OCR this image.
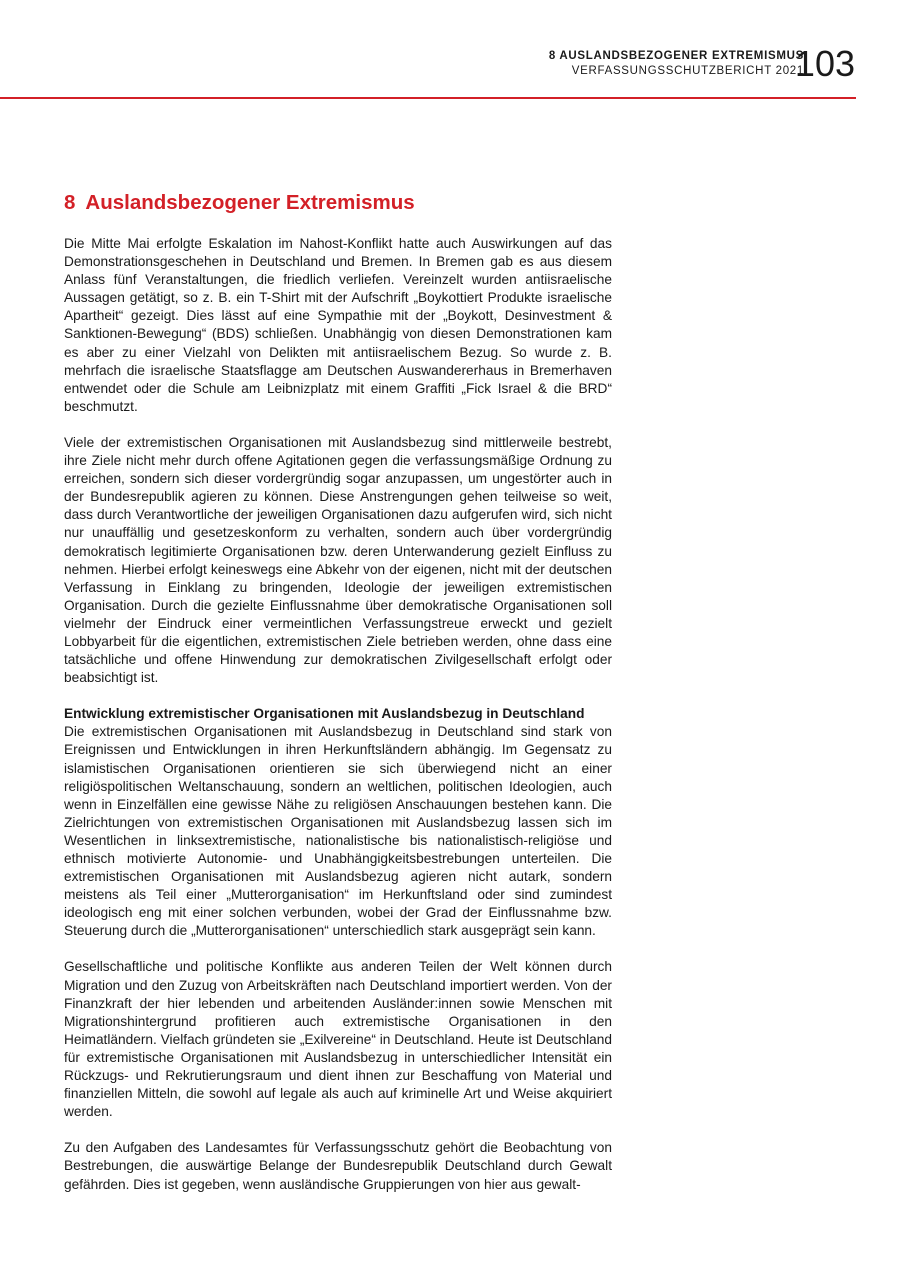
8 AUSLANDSBEZOGENER EXTREMISMUS
VERFASSUNGSSCHUTZBERICHT 2021
103
8 Auslandsbezogener Extremismus

Die Mitte Mai erfolgte Eskalation im Nahost-Konflikt hatte auch Auswirkungen auf das Demonstrationsgeschehen in Deutschland und Bremen. In Bremen gab es aus diesem Anlass fünf Veranstaltungen, die friedlich verliefen. Vereinzelt wurden antiisraelische Aussagen getätigt, so z. B. ein T-Shirt mit der Aufschrift „Boykottiert Produkte israelische Apartheit“ gezeigt. Dies lässt auf eine Sympathie mit der „Boykott, Desinvestment & Sanktionen-Bewegung“ (BDS) schließen. Unabhängig von diesen Demonstrationen kam es aber zu einer Vielzahl von Delikten mit antiisraelischem Bezug. So wurde z. B. mehrfach die israelische Staatsflagge am Deutschen Auswandererhaus in Bremerhaven entwendet oder die Schule am Leibnizplatz mit einem Graffiti „Fick Israel & die BRD“ beschmutzt.

Viele der extremistischen Organisationen mit Auslandsbezug sind mittlerweile bestrebt, ihre Ziele nicht mehr durch offene Agitationen gegen die verfassungsmäßige Ordnung zu erreichen, sondern sich dieser vordergründig sogar anzupassen, um ungestörter auch in der Bundesrepublik agieren zu können. Diese Anstrengungen gehen teilweise so weit, dass durch Verantwortliche der jeweiligen Organisationen dazu aufgerufen wird, sich nicht nur unauffällig und gesetzeskonform zu verhalten, sondern auch über vordergründig demokratisch legitimierte Organisationen bzw. deren Unterwanderung gezielt Einfluss zu nehmen. Hierbei erfolgt keineswegs eine Abkehr von der eigenen, nicht mit der deutschen Verfassung in Einklang zu bringenden, Ideologie der jeweiligen extremistischen Organisation. Durch die gezielte Einflussnahme über demokratische Organisationen soll vielmehr der Eindruck einer vermeintlichen Verfassungstreue erweckt und gezielt Lobbyarbeit für die eigentlichen, extremistischen Ziele betrieben werden, ohne dass eine tatsächliche und offene Hinwendung zur demokratischen Zivilgesellschaft erfolgt oder beabsichtigt ist.

Entwicklung extremistischer Organisationen mit Auslandsbezug in Deutschland

Die extremistischen Organisationen mit Auslandsbezug in Deutschland sind stark von Ereignissen und Entwicklungen in ihren Herkunftsländern abhängig. Im Gegensatz zu islamistischen Organisationen orientieren sie sich überwiegend nicht an einer religiöspolitischen Weltanschauung, sondern an weltlichen, politischen Ideologien, auch wenn in Einzelfällen eine gewisse Nähe zu religiösen Anschauungen bestehen kann. Die Zielrichtungen von extremistischen Organisationen mit Auslandsbezug lassen sich im Wesentlichen in linksextremistische, nationalistische bis nationalistisch-religiöse und ethnisch motivierte Autonomie- und Unabhängigkeitsbestrebungen unterteilen. Die extremistischen Organisationen mit Auslandsbezug agieren nicht autark, sondern meistens als Teil einer „Mutterorganisation“ im Herkunftsland oder sind zumindest ideologisch eng mit einer solchen verbunden, wobei der Grad der Einflussnahme bzw. Steuerung durch die „Mutterorganisationen“ unterschiedlich stark ausgeprägt sein kann.

Gesellschaftliche und politische Konflikte aus anderen Teilen der Welt können durch Migration und den Zuzug von Arbeitskräften nach Deutschland importiert werden. Von der Finanzkraft der hier lebenden und arbeitenden Ausländer:innen sowie Menschen mit Migrationshintergrund profitieren auch extremistische Organisationen in den Heimatländern. Vielfach gründeten sie „Exilvereine“ in Deutschland. Heute ist Deutschland für extremistische Organisationen mit Auslandsbezug in unterschiedlicher Intensität ein Rückzugs- und Rekrutierungsraum und dient ihnen zur Beschaffung von Material und finanziellen Mitteln, die sowohl auf legale als auch auf kriminelle Art und Weise akquiriert werden.

Zu den Aufgaben des Landesamtes für Verfassungsschutz gehört die Beobachtung von Bestrebungen, die auswärtige Belange der Bundesrepublik Deutschland durch Gewalt gefährden. Dies ist gegeben, wenn ausländische Gruppierungen von hier aus gewalt-
